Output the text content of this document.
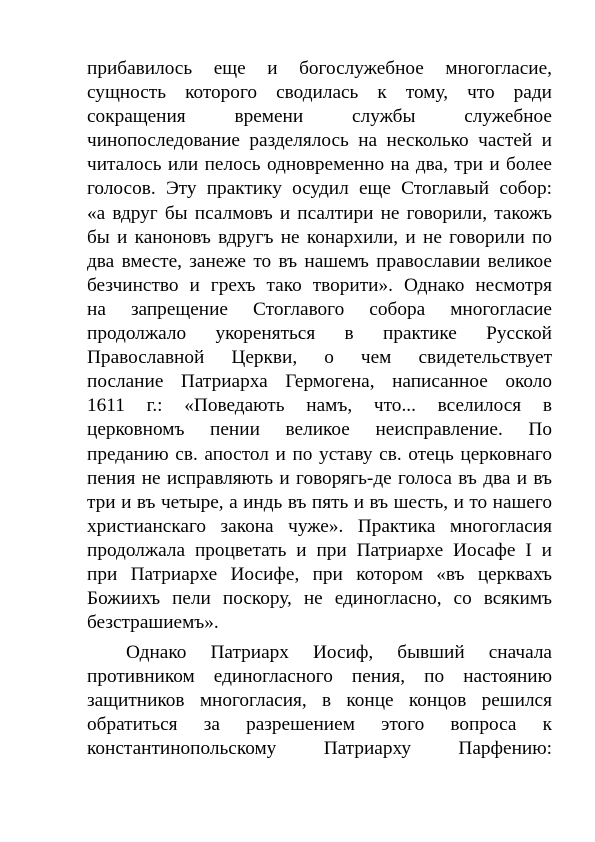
прибавилось еще и богослужебное многогласие,
сущность которого сводилась к тому, что ради
сокращения времени службы служебное
чинопоследование разделялось на несколько частей и
читалось или пелось одновременно на два, три и более
голосов. Эту практику осудил еще Стоглавый собор:
«а вдруг бы псалмовъ и псалтири не говорили, такожъ
бы и каноновъ вдругъ не конархили, и не говорили по
два вместе, занеже то въ нашемъ православии великое
безчинство и грехъ тако творити». Однако несмотря
на запрещение Стоглавого собора многогласие
продолжало укореняться в практике Русской
Православной Церкви, о чем свидетельствует
послание Патриарха Гермогена, написанное около
1611 г.: «Поведають намъ, что... вселилося в
церковномъ пении великое неисправление. По
преданию св. апостол и по уставу св. отець церковнаго
пения не исправляють и говорягь-де голоса въ два и въ
три и въ четыре, а индь въ пять и въ шесть, и то нашего
христианскаго закона чуже». Практика многогласия
продолжала процветать и при Патриархе Иосафе I и
при Патриархе Иосифе, при котором «въ церквахъ
Божиихъ пели поскору, не единогласно, со всякимъ
безстрашиемъ».
Однако Патриарх Иосиф, бывший сначала
противником единогласного пения, по настоянию
защитников многогласия, в конце концов решился
обратиться за разрешением этого вопроса к
константинопольскому Патриарху Парфению:
